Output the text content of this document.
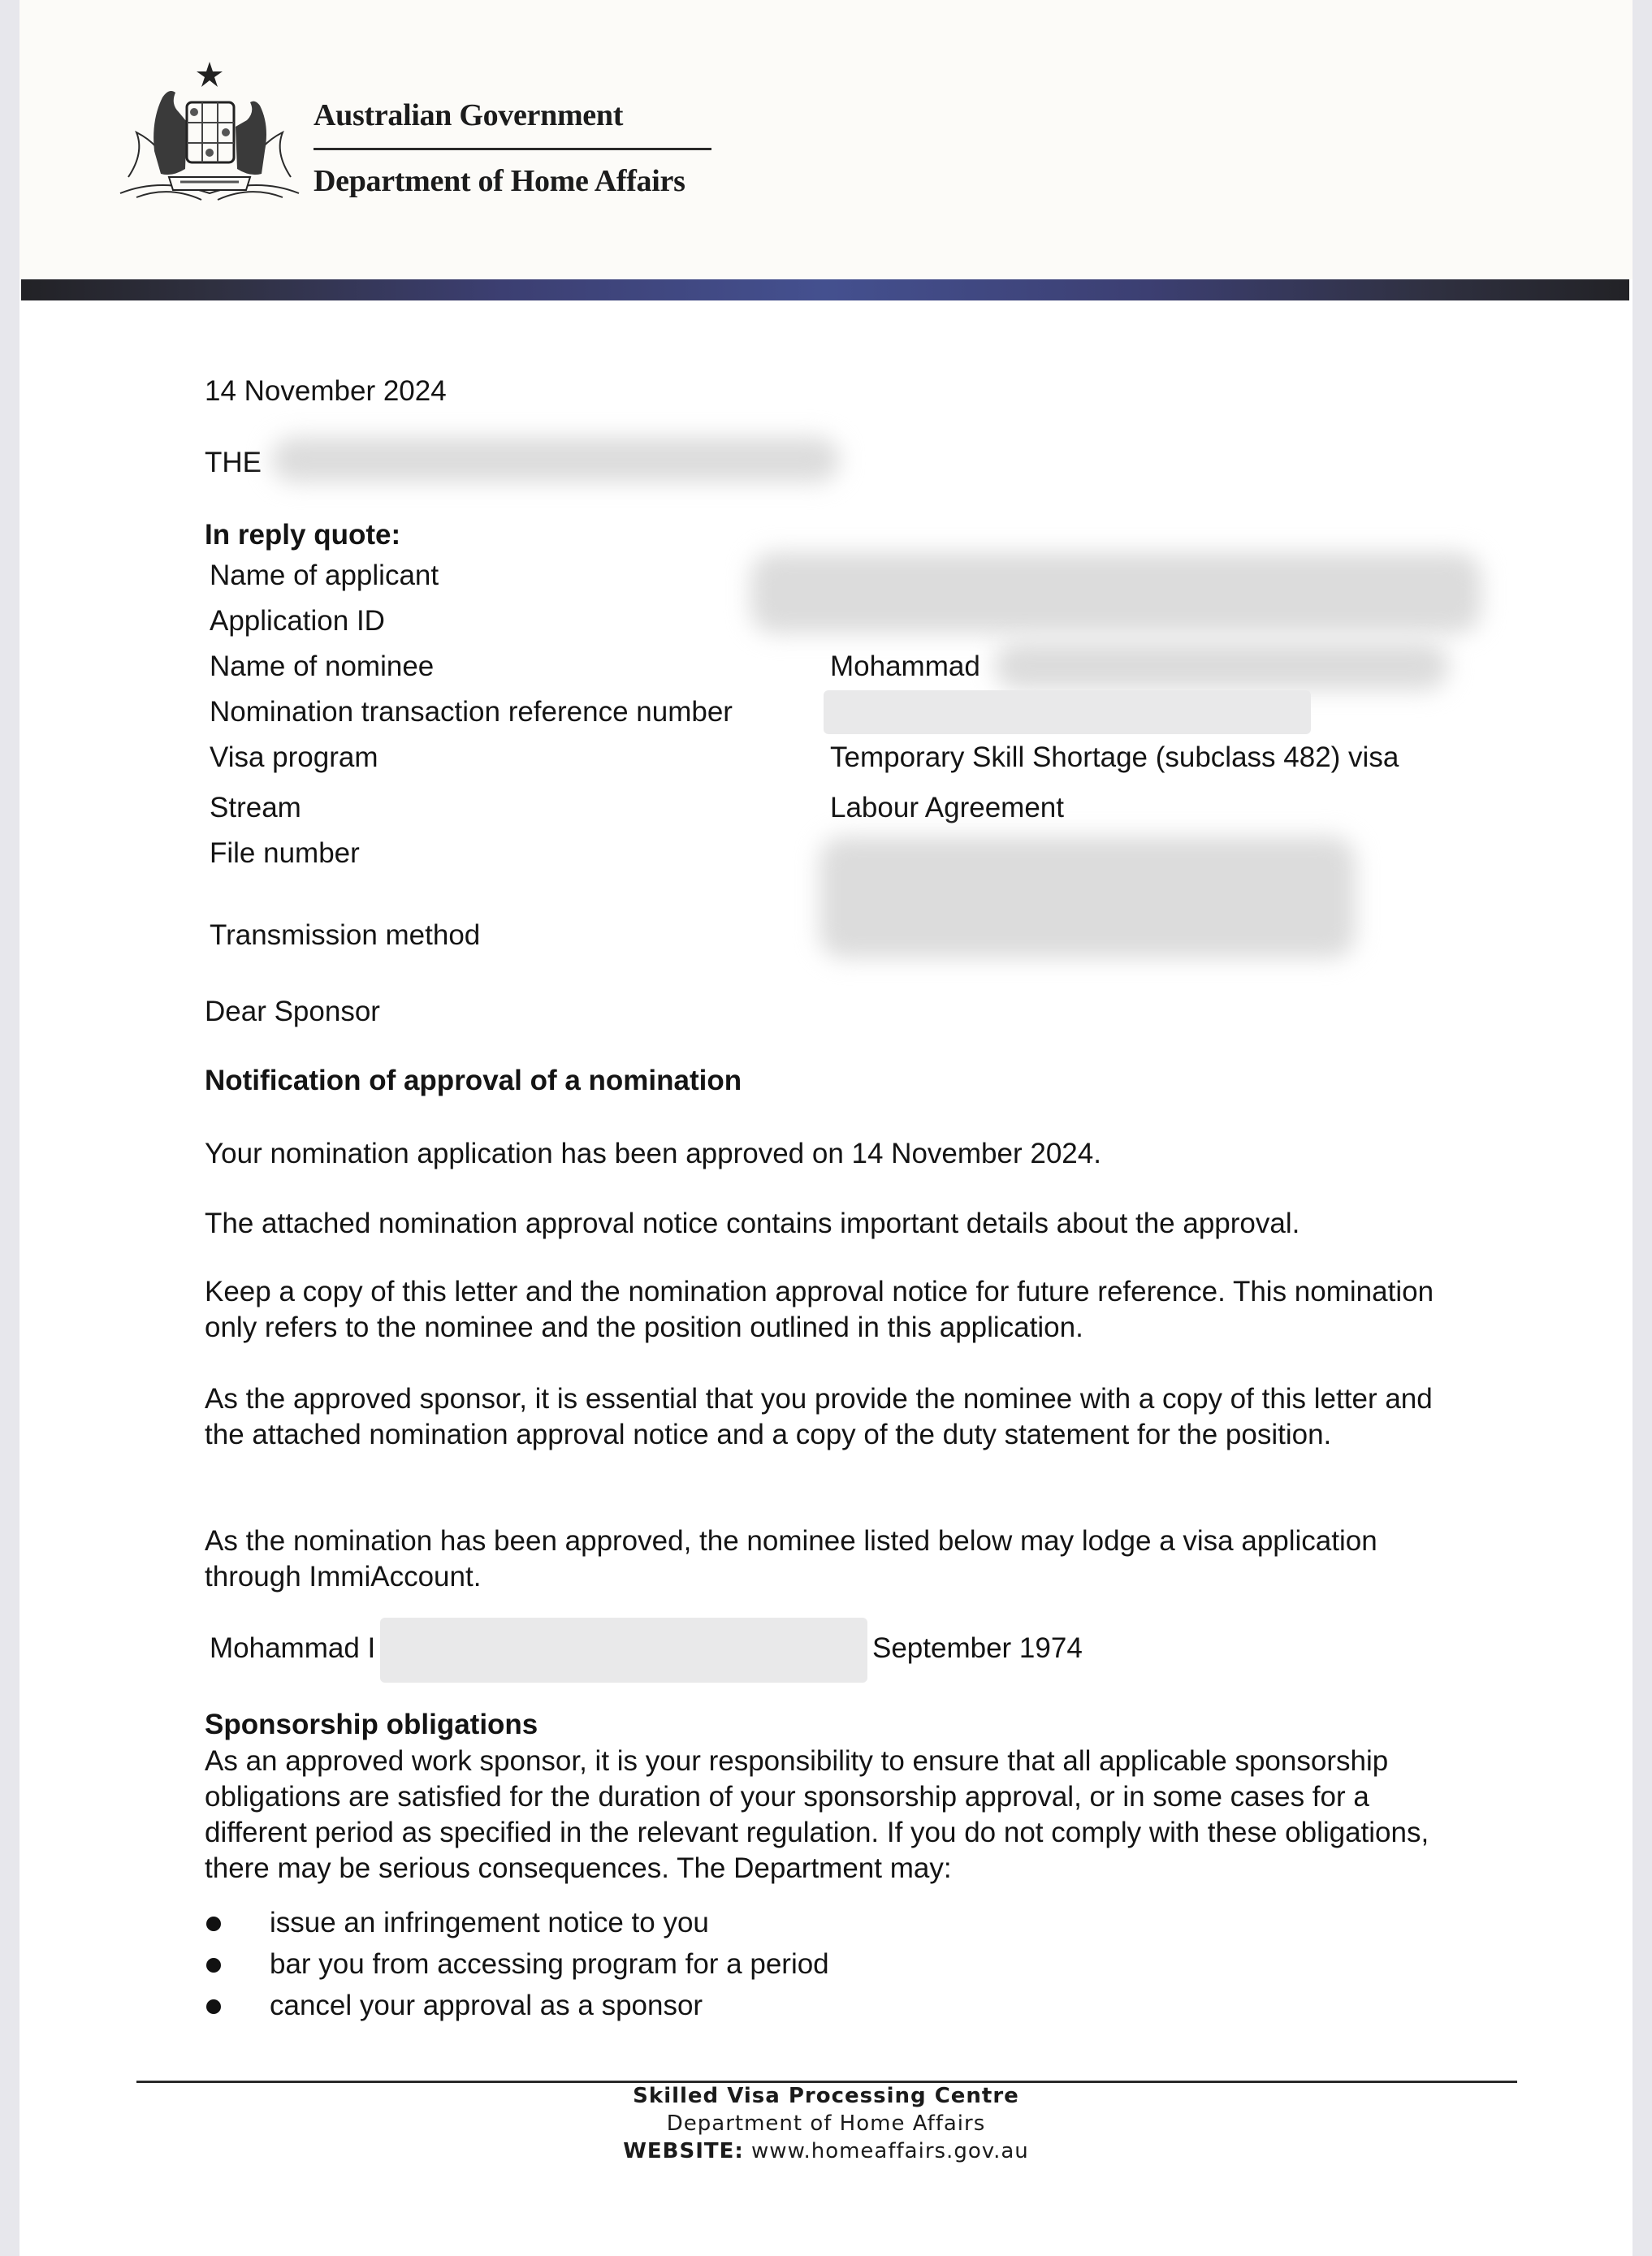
Australian Government
Department of Home Affairs
14 November 2024
THE
In reply quote:
Name of applicant
Application ID
Name of nominee
Nomination transaction reference number
Visa program
Stream
File number
Transmission method
Mohammad
Temporary Skill Shortage (subclass 482) visa
Labour Agreement
Dear Sponsor
Notification of approval of a nomination
Your nomination application has been approved on 14 November 2024.
The attached nomination approval notice contains important details about the approval.
Keep a copy of this letter and the nomination approval notice for future reference. This nomination only refers to the nominee and the position outlined in this application.
As the approved sponsor, it is essential that you provide the nominee with a copy of this letter and the attached nomination approval notice and a copy of the duty statement for the position.
As the nomination has been approved, the nominee listed below may lodge a visa application through ImmiAccount.
Mohammad I	September 1974
Sponsorship obligations
As an approved work sponsor, it is your responsibility to ensure that all applicable sponsorship obligations are satisfied for the duration of your sponsorship approval, or in some cases for a different period as specified in the relevant regulation. If you do not comply with these obligations, there may be serious consequences. The Department may:
issue an infringement notice to you
bar you from accessing program for a period
cancel your approval as a sponsor
Skilled Visa Processing Centre
Department of Home Affairs
WEBSITE: www.homeaffairs.gov.au
